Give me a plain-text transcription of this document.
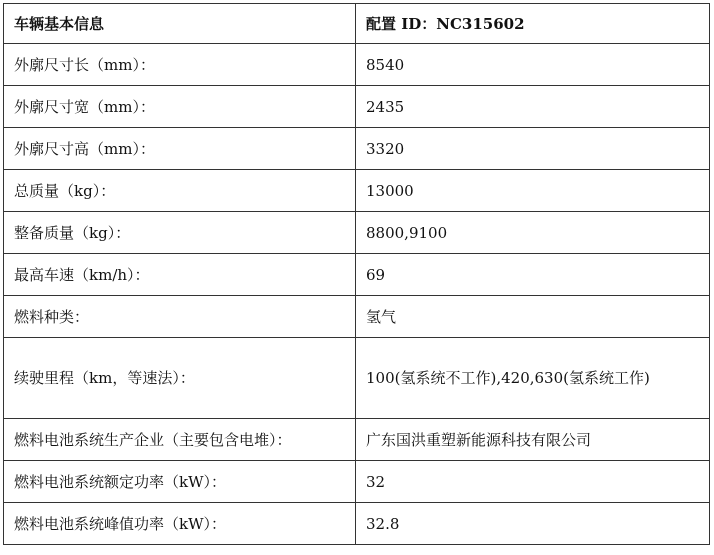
车辆基本信息	配置 ID：NC315602
外廓尺寸长（mm）：	8540
外廓尺寸宽（mm）：	2435
外廓尺寸高（mm）：	3320
总质量（kg）：	13000
整备质量（kg）：	8800,9100
最高车速（km/h）：	69
燃料种类：	氢气
续驶里程（km，等速法）：	100(氢系统不工作),420,630(氢系统工作)
燃料电池系统生产企业（主要包含电堆）：	广东国洪重塑新能源科技有限公司
燃料电池系统额定功率（kW）：	32
燃料电池系统峰值功率（kW）：	32.8
